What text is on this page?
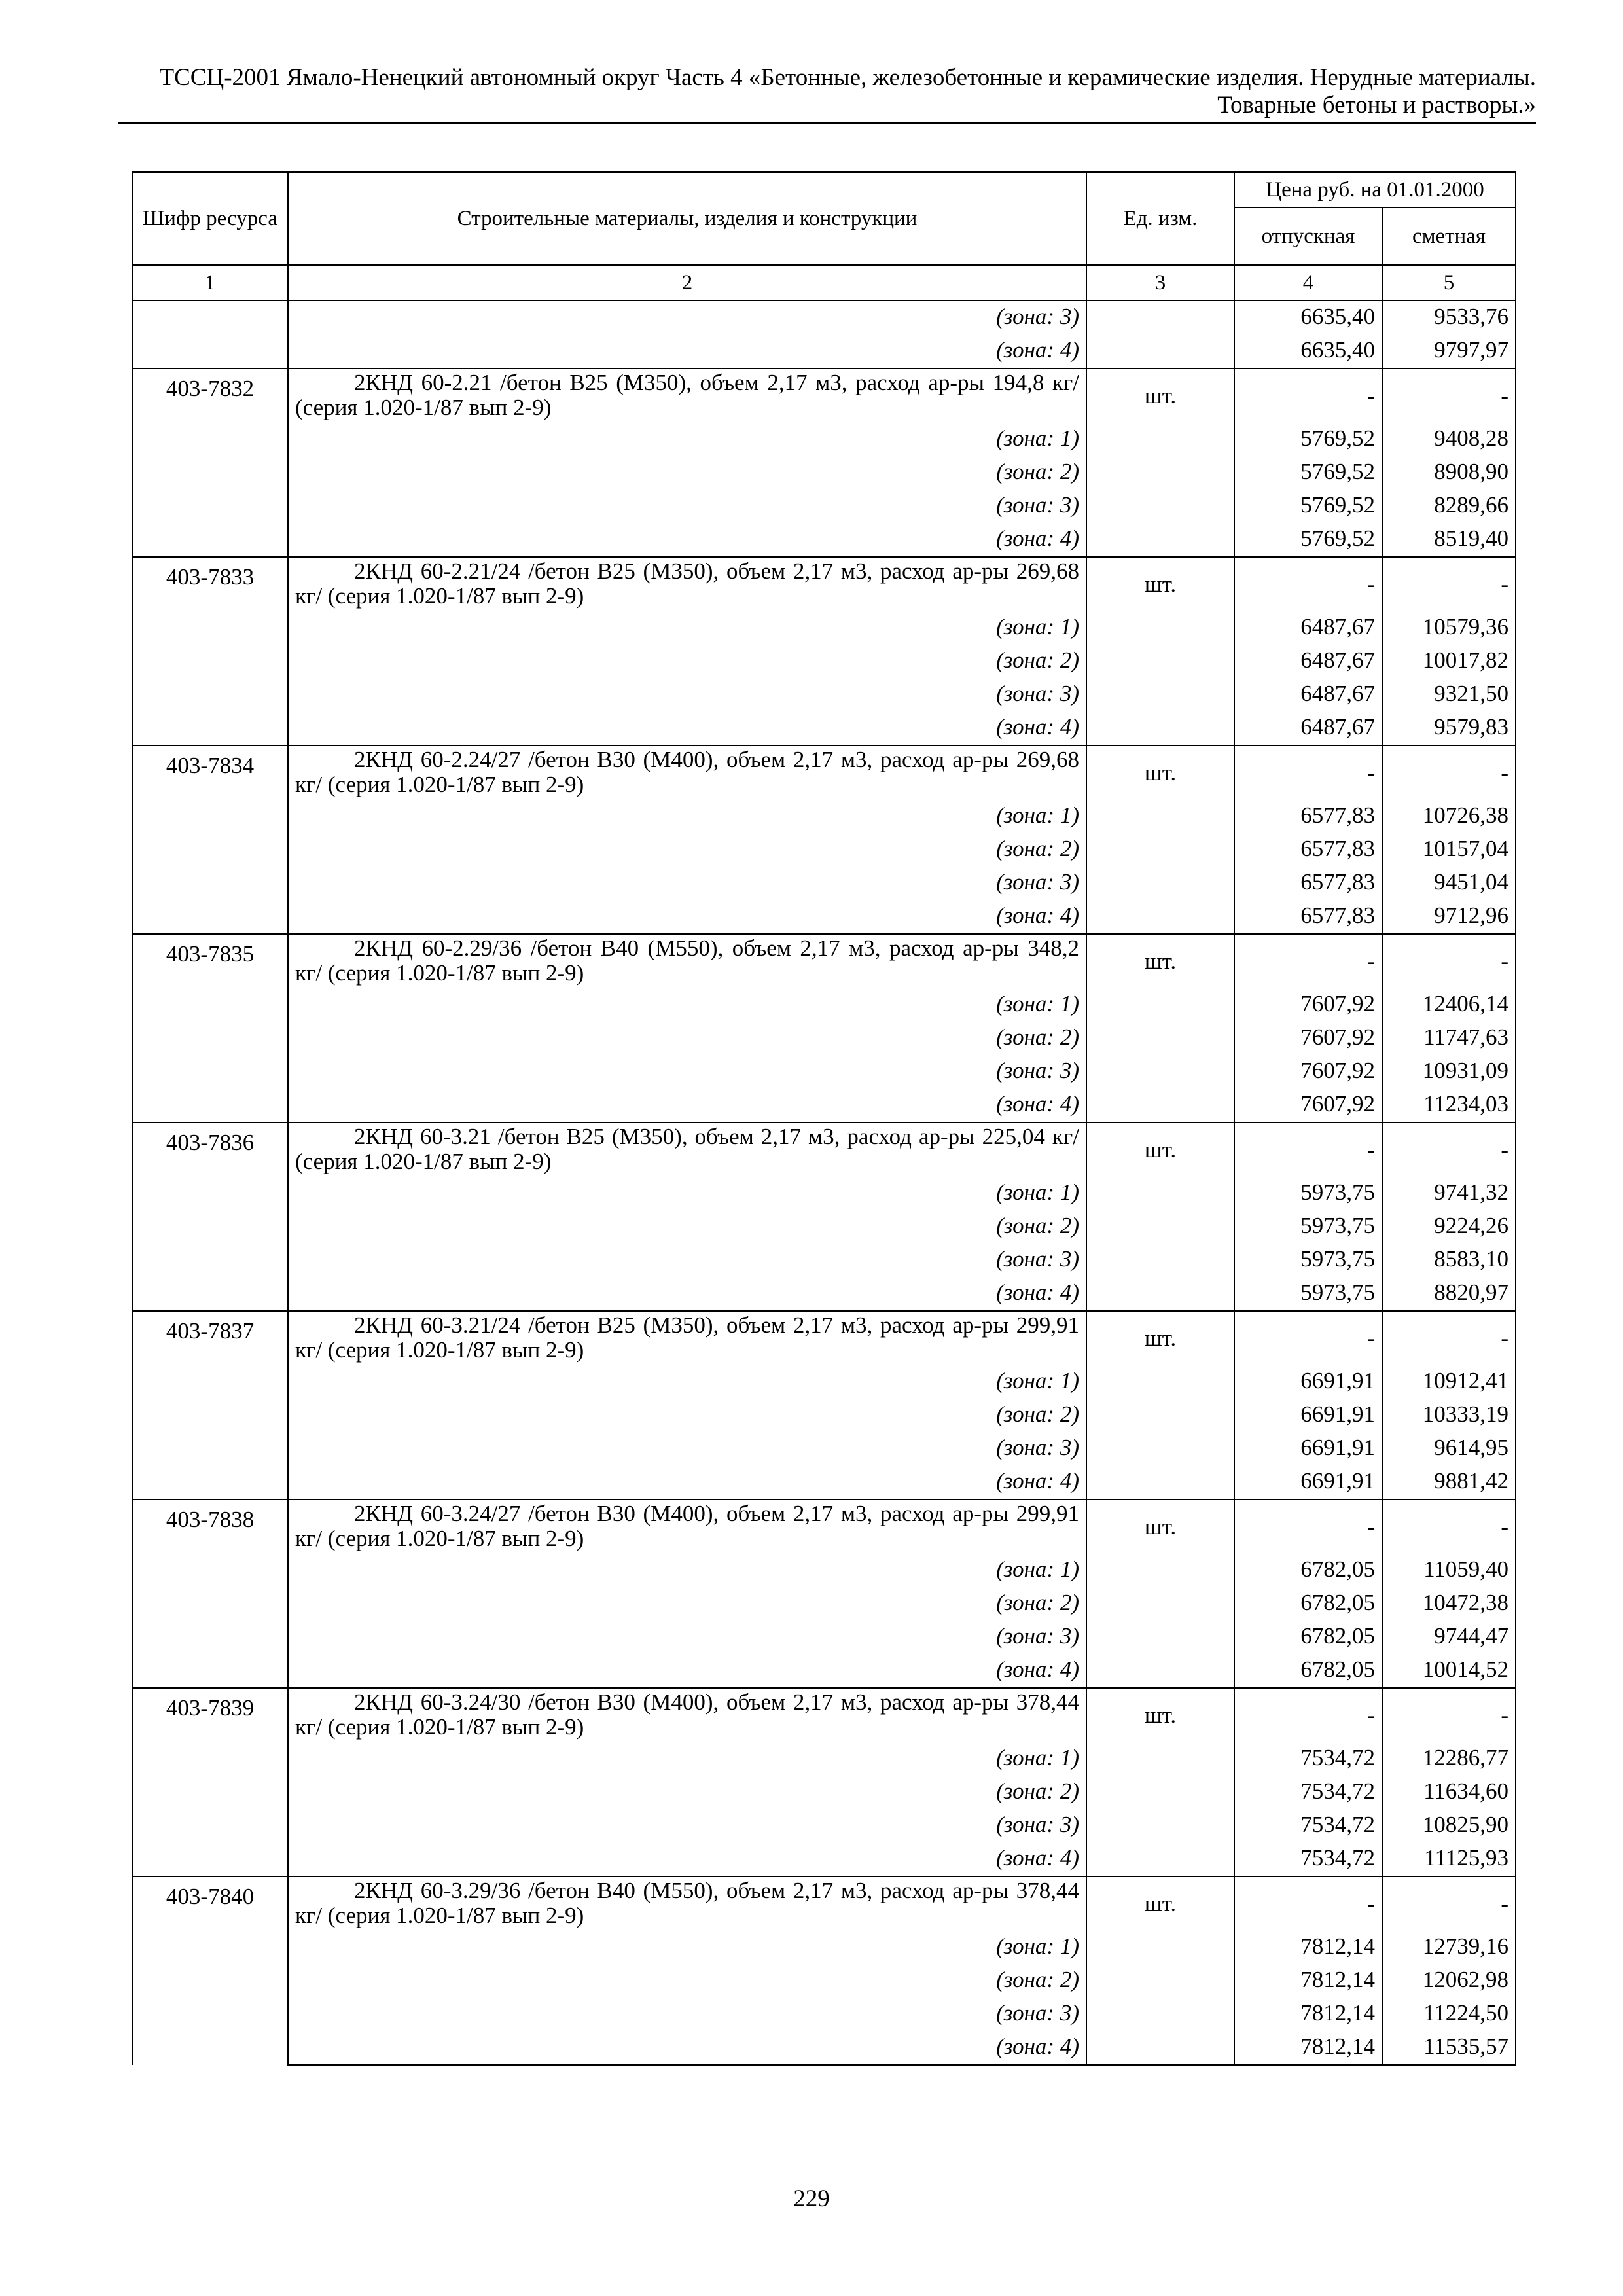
ТССЦ-2001 Ямало-Ненецкий автономный округ Часть 4 «Бетонные, железобетонные и керамические изделия. Нерудные материалы.
Товарные бетоны и растворы.»
Шифр ресурса	Строительные материалы, изделия и конструкции	Ед. изм.	Цена руб. на 01.01.2000	
			отпускная	сметная
1	2	3	4	5
	(зона: 3)		6635,40	9533,76
	(зона: 4)		6635,40	9797,97
403-7832	2КНД 60-2.21 /бетон В25 (М350), объем 2,17 м3, расход ар-ры 194,8 кг/ (серия 1.020-1/87 вып 2-9)	шт.	-	-
	(зона: 1)		5769,52	9408,28
	(зона: 2)		5769,52	8908,90
	(зона: 3)		5769,52	8289,66
	(зона: 4)		5769,52	8519,40
403-7833	2КНД 60-2.21/24 /бетон В25 (М350), объем 2,17 м3, расход ар-ры 269,68 кг/ (серия 1.020-1/87 вып 2-9)	шт.	-	-
	(зона: 1)		6487,67	10579,36
	(зона: 2)		6487,67	10017,82
	(зона: 3)		6487,67	9321,50
	(зона: 4)		6487,67	9579,83
403-7834	2КНД 60-2.24/27 /бетон В30 (М400), объем 2,17 м3, расход ар-ры 269,68 кг/ (серия 1.020-1/87 вып 2-9)	шт.	-	-
	(зона: 1)		6577,83	10726,38
	(зона: 2)		6577,83	10157,04
	(зона: 3)		6577,83	9451,04
	(зона: 4)		6577,83	9712,96
403-7835	2КНД 60-2.29/36 /бетон В40 (М550), объем 2,17 м3, расход ар-ры 348,2 кг/ (серия 1.020-1/87 вып 2-9)	шт.	-	-
	(зона: 1)		7607,92	12406,14
	(зона: 2)		7607,92	11747,63
	(зона: 3)		7607,92	10931,09
	(зона: 4)		7607,92	11234,03
403-7836	2КНД 60-3.21 /бетон В25 (М350), объем 2,17 м3, расход ар-ры 225,04 кг/ (серия 1.020-1/87 вып 2-9)	шт.	-	-
	(зона: 1)		5973,75	9741,32
	(зона: 2)		5973,75	9224,26
	(зона: 3)		5973,75	8583,10
	(зона: 4)		5973,75	8820,97
403-7837	2КНД 60-3.21/24 /бетон В25 (М350), объем 2,17 м3, расход ар-ры 299,91 кг/ (серия 1.020-1/87 вып 2-9)	шт.	-	-
	(зона: 1)		6691,91	10912,41
	(зона: 2)		6691,91	10333,19
	(зона: 3)		6691,91	9614,95
	(зона: 4)		6691,91	9881,42
403-7838	2КНД 60-3.24/27 /бетон В30 (М400), объем 2,17 м3, расход ар-ры 299,91 кг/ (серия 1.020-1/87 вып 2-9)	шт.	-	-
	(зона: 1)		6782,05	11059,40
	(зона: 2)		6782,05	10472,38
	(зона: 3)		6782,05	9744,47
	(зона: 4)		6782,05	10014,52
403-7839	2КНД 60-3.24/30 /бетон В30 (М400), объем 2,17 м3, расход ар-ры 378,44 кг/ (серия 1.020-1/87 вып 2-9)	шт.	-	-
	(зона: 1)		7534,72	12286,77
	(зона: 2)		7534,72	11634,60
	(зона: 3)		7534,72	10825,90
	(зона: 4)		7534,72	11125,93
403-7840	2КНД 60-3.29/36 /бетон В40 (М550), объем 2,17 м3, расход ар-ры 378,44 кг/ (серия 1.020-1/87 вып 2-9)	шт.	-	-
	(зона: 1)		7812,14	12739,16
	(зона: 2)		7812,14	12062,98
	(зона: 3)		7812,14	11224,50
	(зона: 4)		7812,14	11535,57
229
